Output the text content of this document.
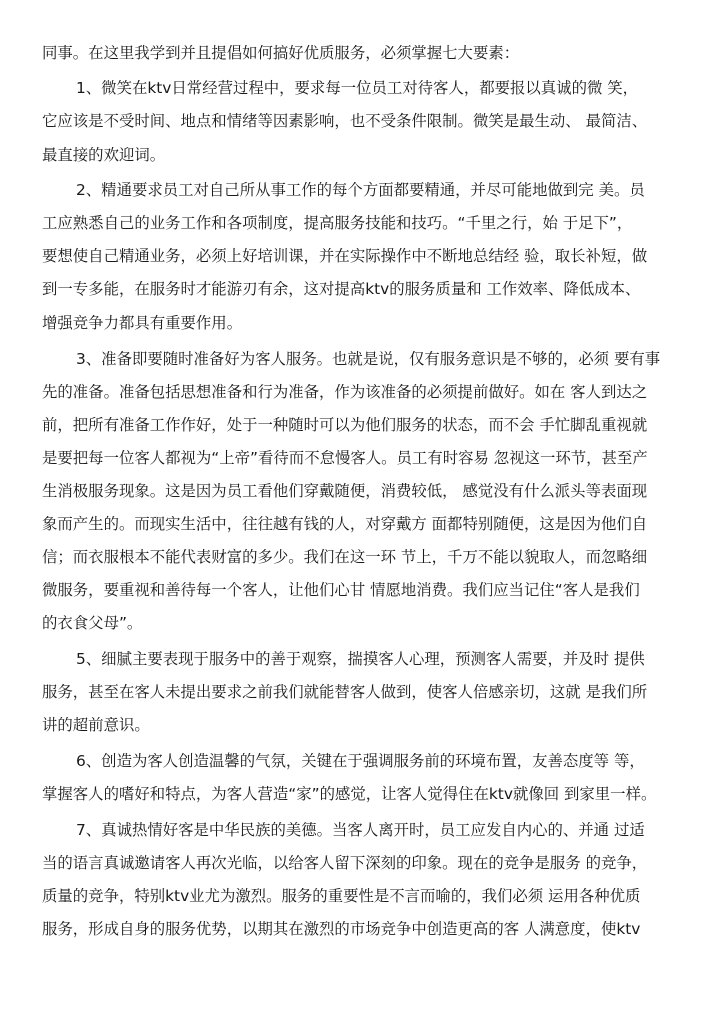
同事。在这里我学到并且提倡如何搞好优质服务，必须掌握七大要素：
1、微笑在ktv日常经营过程中，要求每一位员工对待客人，都要报以真诚的微 笑，
它应该是不受时间、地点和情绪等因素影响，也不受条件限制。微笑是最生动、 最简洁、
最直接的欢迎词。
2、精通要求员工对自己所从事工作的每个方面都要精通，并尽可能地做到完 美。员
工应熟悉自己的业务工作和各项制度，提高服务技能和技巧。“千里之行，始 于足下”，
要想使自己精通业务，必须上好培训课，并在实际操作中不断地总结经 验，取长补短，做
到一专多能，在服务时才能游刃有余，这对提高ktv的服务质量和 工作效率、降低成本、
增强竞争力都具有重要作用。
3、准备即要随时准备好为客人服务。也就是说，仅有服务意识是不够的，必须 要有事
先的准备。准备包括思想准备和行为准备，作为该准备的必须提前做好。如在 客人到达之
前，把所有准备工作作好，处于一种随时可以为他们服务的状态，而不会 手忙脚乱重视就
是要把每一位客人都视为“上帝”看待而不怠慢客人。员工有时容易 忽视这一环节，甚至产
生消极服务现象。这是因为员工看他们穿戴随便，消费较低， 感觉没有什么派头等表面现
象而产生的。而现实生活中，往往越有钱的人，对穿戴方 面都特别随便，这是因为他们自
信；而衣服根本不能代表财富的多少。我们在这一环 节上，千万不能以貌取人，而忽略细
微服务，要重视和善待每一个客人，让他们心甘 情愿地消费。我们应当记住“客人是我们
的衣食父母”。
5、细腻主要表现于服务中的善于观察，揣摸客人心理，预测客人需要，并及时 提供
服务，甚至在客人未提出要求之前我们就能替客人做到，使客人倍感亲切，这就 是我们所
讲的超前意识。
6、创造为客人创造温馨的气氛，关键在于强调服务前的环境布置，友善态度等 等，
掌握客人的嗜好和特点，为客人营造“家”的感觉，让客人觉得住在ktv就像回 到家里一样。
7、真诚热情好客是中华民族的美德。当客人离开时，员工应发自内心的、并通 过适
当的语言真诚邀请客人再次光临，以给客人留下深刻的印象。现在的竞争是服务 的竞争，
质量的竞争，特别ktv业尤为激烈。服务的重要性是不言而喻的，我们必须 运用各种优质
服务，形成自身的服务优势，以期其在激烈的市场竞争中创造更高的客 人满意度，使ktv
